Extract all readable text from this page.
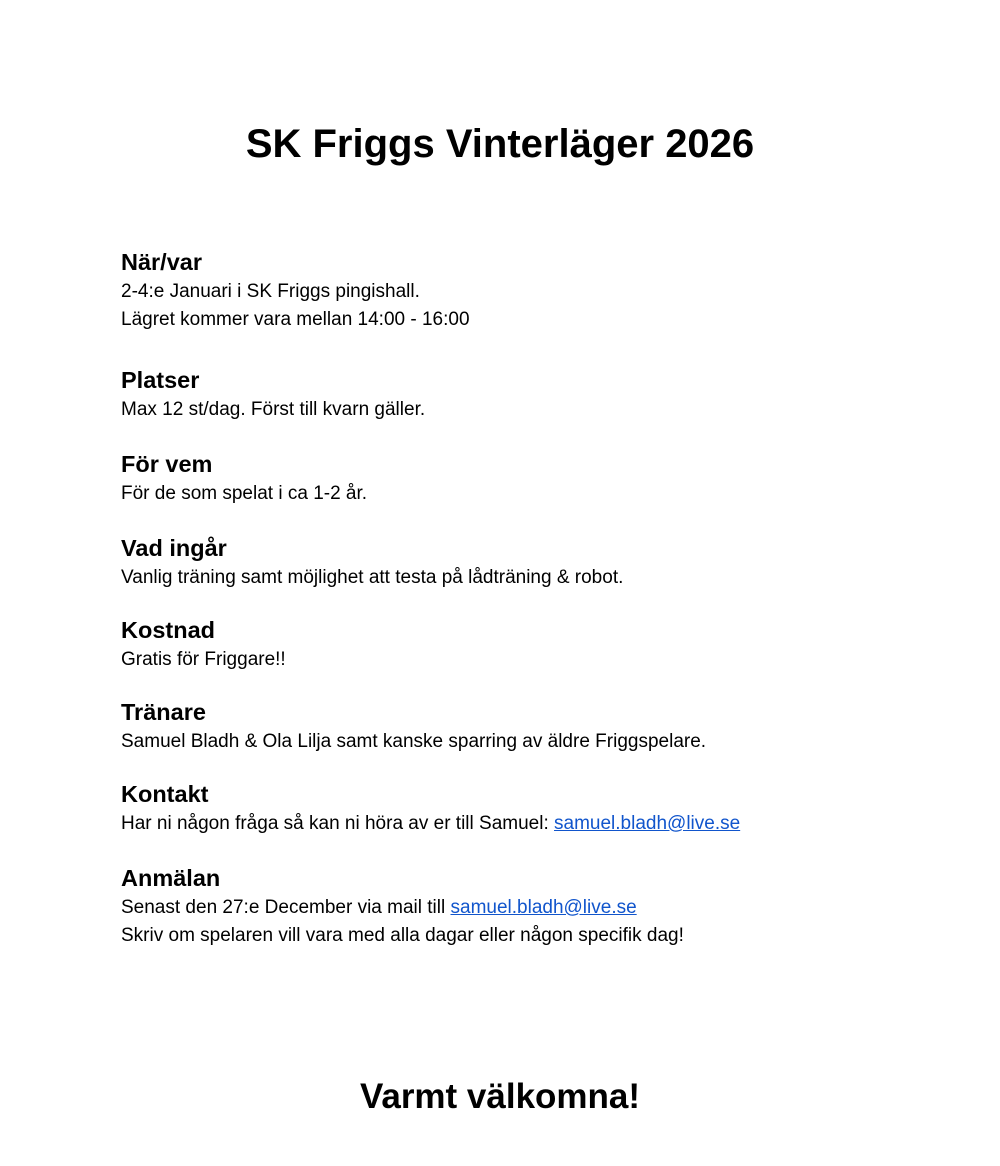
SK Friggs Vinterläger 2026
När/var

2-4:e Januari i SK Friggs pingishall.

Lägret kommer vara mellan 14:00 - 16:00

Platser

Max 12 st/dag. Först till kvarn gäller.

För vem

För de som spelat i ca 1-2 år.

Vad ingår

Vanlig träning samt möjlighet att testa på lådträning & robot.

Kostnad

Gratis för Friggare!!

Tränare

Samuel Bladh & Ola Lilja samt kanske sparring av äldre Friggspelare.

Kontakt

Har ni någon fråga så kan ni höra av er till Samuel: samuel.bladh@live.se

Anmälan

Senast den 27:e December via mail till samuel.bladh@live.se

Skriv om spelaren vill vara med alla dagar eller någon specifik dag!

Varmt välkomna!
